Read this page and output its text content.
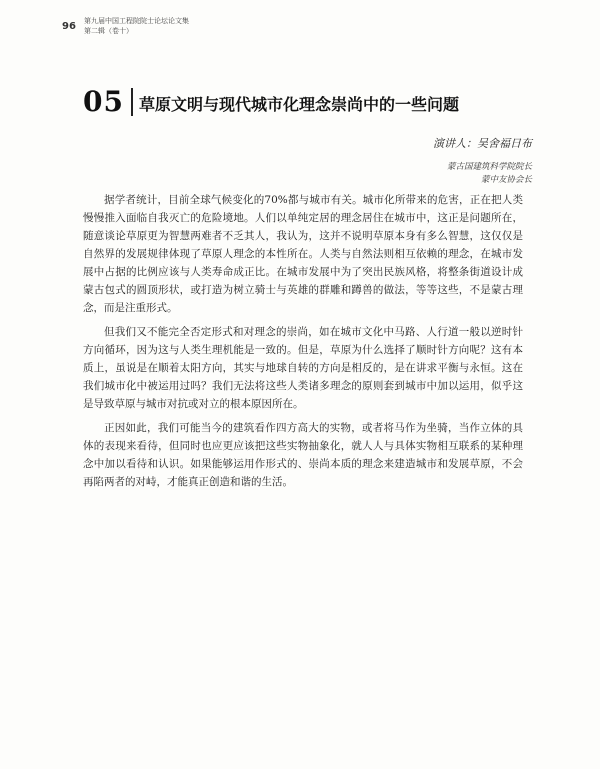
96 第九届中国工程院院士论坛论文集
第二辑（卷十）
05 草原文明与现代城市化理念崇尚中的一些问题
演讲人：吴舍福日布
蒙古国建筑科学院院长
蒙中友协会长

据学者统计，目前全球气候变化的70%都与城市有关。城市化所带来的危害，正在把人类慢慢推入面临自我灭亡的危险境地。人们以单纯定居的理念居住在城市中，这正是问题所在，随意谈论草原更为智慧两难者不乏其人，我认为，这并不说明草原本身有多么智慧，这仅仅是自然界的发展规律体现了草原人理念的本性所在。人类与自然法则相互依赖的理念，在城市发展中占据的比例应该与人类寿命成正比。在城市发展中为了突出民族风格，将整条街道设计成蒙古包式的圆顶形状，或打造为树立骑士与英雄的群雕和蹲兽的做法，等等这些，不是蒙古理念，而是注重形式。

但我们又不能完全否定形式和对理念的崇尚，如在城市文化中马路、人行道一般以逆时针方向循环，因为这与人类生理机能是一致的。但是，草原为什么选择了顺时针方向呢？这有本质上，虽说是在顺着太阳方向，其实与地球自转的方向是相反的，是在讲求平衡与永恒。这在我们城市化中被运用过吗？我们无法将这些人类诸多理念的原则套到城市中加以运用，似乎这是导致草原与城市对抗或对立的根本原因所在。

正因如此，我们可能当今的建筑看作四方高大的实物，或者将马作为坐骑，当作立体的具体的表现来看待，但同时也应更应该把这些实物抽象化，就人人与具体实物相互联系的某种理念中加以看待和认识。如果能够运用作形式的、崇尚本质的理念来建造城市和发展草原，不会再陷两者的对峙，才能真正创造和谐的生活。
